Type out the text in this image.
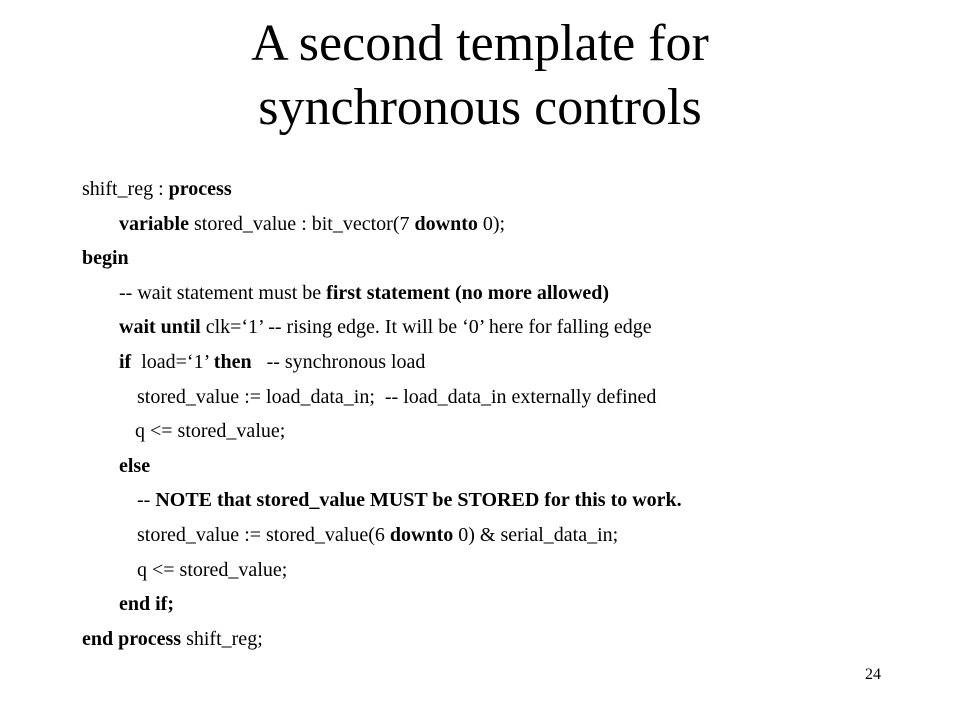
A second template for
synchronous controls
shift_reg : process
variable stored_value : bit_vector(7 downto 0);
begin
-- wait statement must be first statement (no more allowed)
wait until clk=‘1’ -- rising edge. It will be ‘0’ here for falling edge
if  load=‘1’ then   -- synchronous load
stored_value := load_data_in;  -- load_data_in externally defined
q <= stored_value;
else
-- NOTE that stored_value MUST be STORED for this to work.
stored_value := stored_value(6 downto 0) & serial_data_in;
q <= stored_value;
end if;
end process shift_reg;
24
